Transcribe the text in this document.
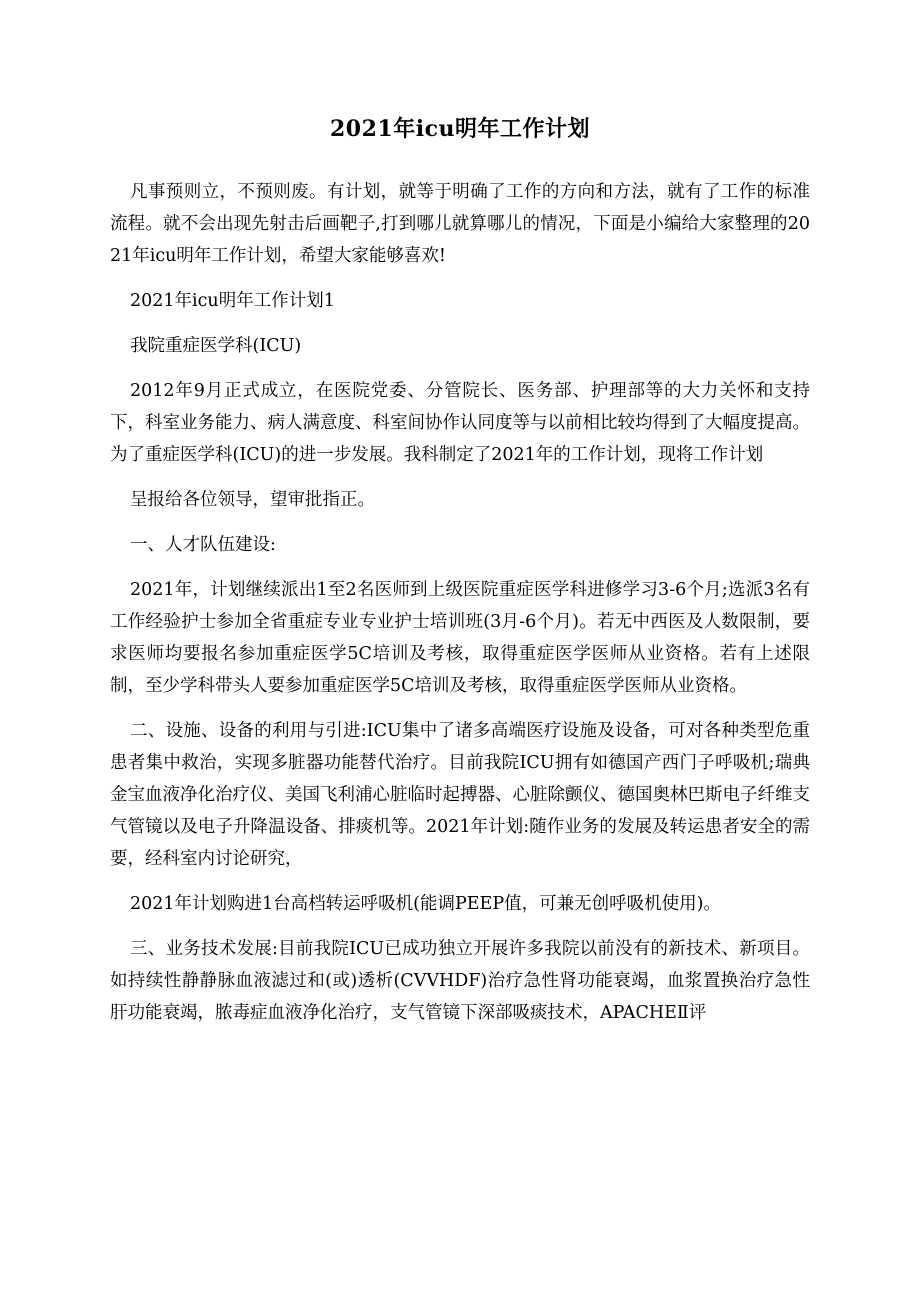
2021年icu明年工作计划

凡事预则立，不预则废。有计划，就等于明确了工作的方向和方法，就有了工作的标准流程。就不会出现先射击后画靶子,打到哪儿就算哪儿的情况，下面是小编给大家整理的2021年icu明年工作计划，希望大家能够喜欢!

2021年icu明年工作计划1

我院重症医学科(ICU)

2012年9月正式成立，在医院党委、分管院长、医务部、护理部等的大力关怀和支持下，科室业务能力、病人满意度、科室间协作认同度等与以前相比较均得到了大幅度提高。为了重症医学科(ICU)的进一步发展。我科制定了2021年的工作计划，现将工作计划

呈报给各位领导，望审批指正。

一、人才队伍建设:

2021年，计划继续派出1至2名医师到上级医院重症医学科进修学习3-6个月;选派3名有工作经验护士参加全省重症专业专业护士培训班(3月-6个月)。若无中西医及人数限制，要求医师均要报名参加重症医学5C培训及考核，取得重症医学医师从业资格。若有上述限制，至少学科带头人要参加重症医学5C培训及考核，取得重症医学医师从业资格。

二、设施、设备的利用与引进:ICU集中了诸多高端医疗设施及设备，可对各种类型危重患者集中救治，实现多脏器功能替代治疗。目前我院ICU拥有如德国产西门子呼吸机;瑞典金宝血液净化治疗仪、美国飞利浦心脏临时起搏器、心脏除颤仪、德国奥林巴斯电子纤维支气管镜以及电子升降温设备、排痰机等。2021年计划:随作业务的发展及转运患者安全的需要，经科室内讨论研究，

2021年计划购进1台高档转运呼吸机(能调PEEP值，可兼无创呼吸机使用)。

三、业务技术发展:目前我院ICU已成功独立开展许多我院以前没有的新技术、新项目。如持续性静静脉血液滤过和(或)透析(CVVHDF)治疗急性肾功能衰竭，血浆置换治疗急性肝功能衰竭，脓毒症血液净化治疗，支气管镜下深部吸痰技术，APACHEⅡ评
